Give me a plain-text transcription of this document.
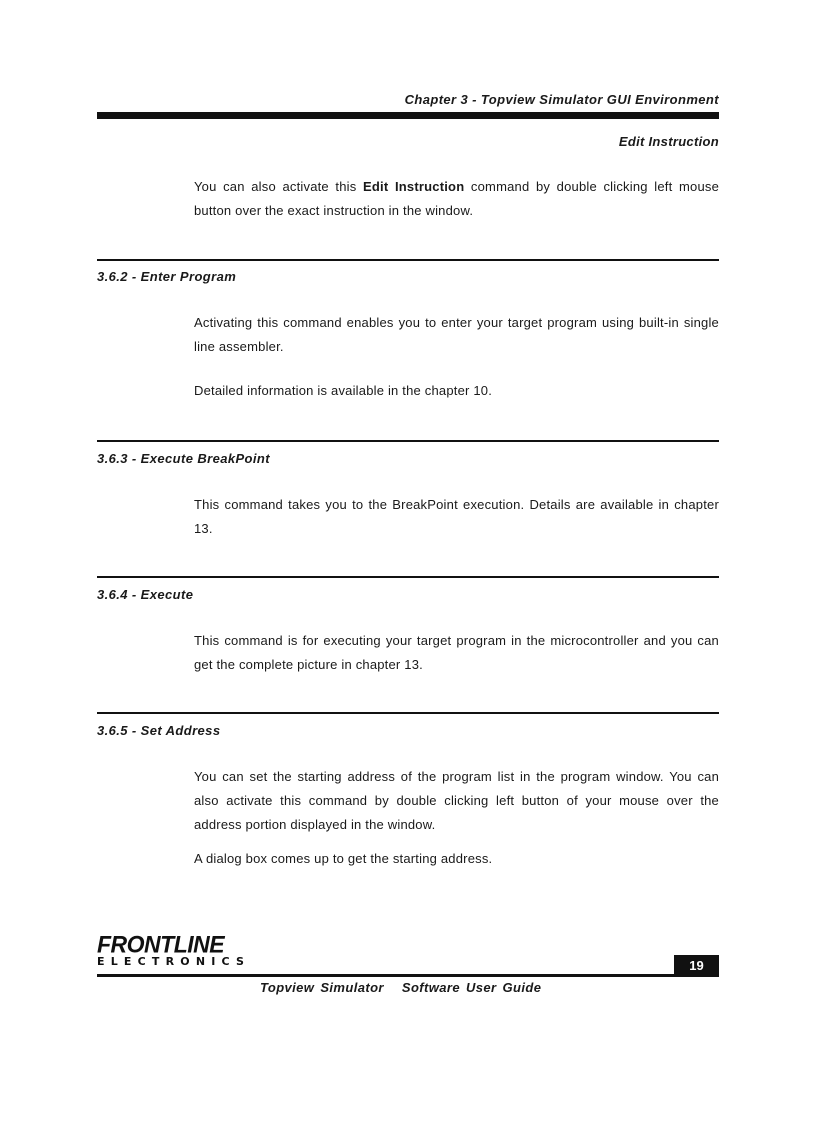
Chapter 3 - Topview Simulator GUI Environment
Edit Instruction

You can also activate this Edit Instruction command by double clicking left mouse button over the exact instruction in the window.

3.6.2 - Enter Program

Activating this command enables you to enter your target program using built-in single line assembler.

Detailed information is available in the chapter 10.

3.6.3 - Execute BreakPoint

This command takes you to the BreakPoint execution. Details are available in chapter 13.

3.6.4 - Execute

This command is for executing your target program in the microcontroller and you can get the complete picture in chapter 13.

3.6.5 - Set Address

You can set the starting address of the program list in the program window. You can also activate this command by double clicking left button of your mouse over the address portion displayed in the window.

A dialog box comes up to get the starting address.

FRONTLINE
ELECTRONICS	19
Topview Simulator Software User Guide
